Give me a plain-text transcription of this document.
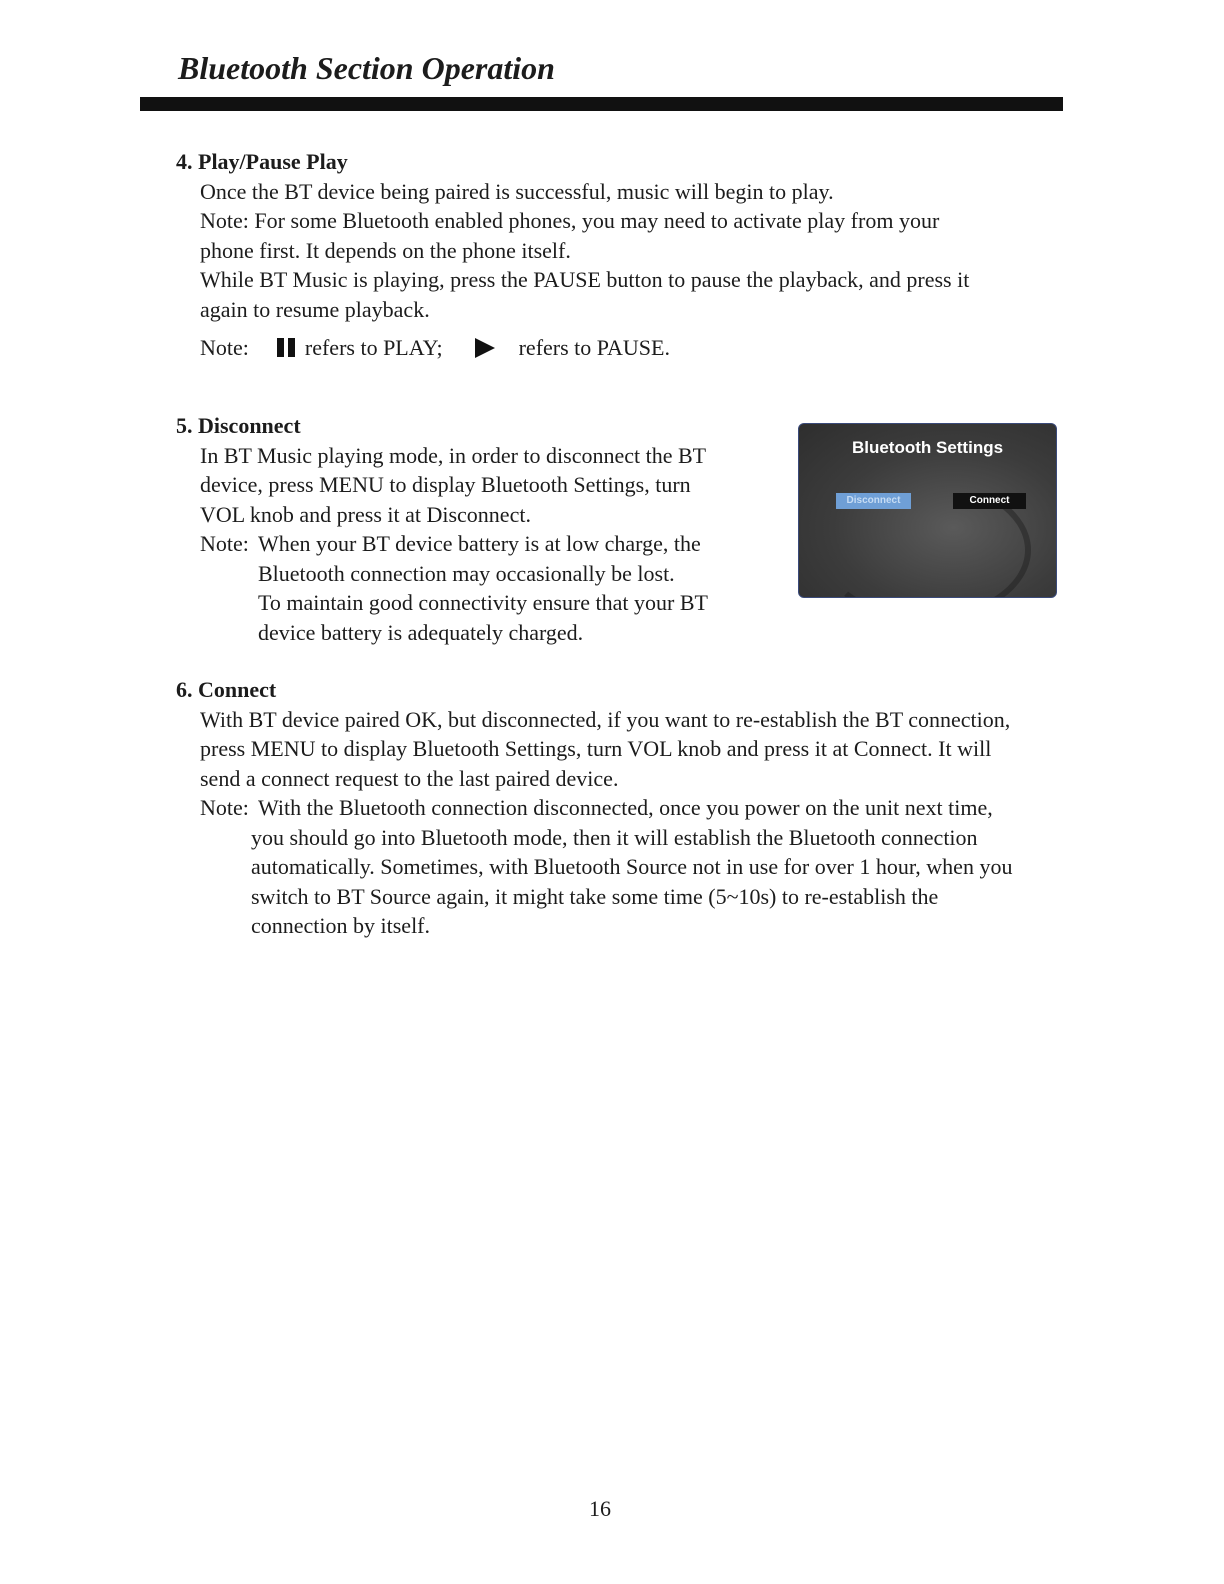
Bluetooth Section Operation
4. Play/Pause Play

Once the BT device being paired is successful, music will begin to play.

Note: For some Bluetooth enabled phones, you may need to activate play from your

phone first. It depends on the phone itself.

While BT Music is playing, press the PAUSE button to pause the playback, and press it

again to resume playback.

Note:	refers to PLAY;	refers to PAUSE.
5. Disconnect

In BT Music playing mode, in order to disconnect the BT

device, press MENU to display Bluetooth Settings, turn

VOL knob and press it at Disconnect.

Note: When your BT device battery is at low charge, the

Bluetooth connection may occasionally be lost.

To maintain good connectivity ensure that your BT

device battery is adequately charged.

Bluetooth Settings
Disconnect	Connect
6. Connect

With BT device paired OK, but disconnected, if you want to re-establish the BT connection,

press MENU to display Bluetooth Settings, turn VOL knob and press it at Connect. It will

send a connect request to the last paired device.

Note: With the Bluetooth connection disconnected, once you power on the unit next time,

you should go into Bluetooth mode, then it will establish the Bluetooth connection

automatically. Sometimes, with Bluetooth Source not in use for over 1 hour, when you

switch to BT Source again, it might take some time (5~10s) to re-establish the

connection by itself.

16
